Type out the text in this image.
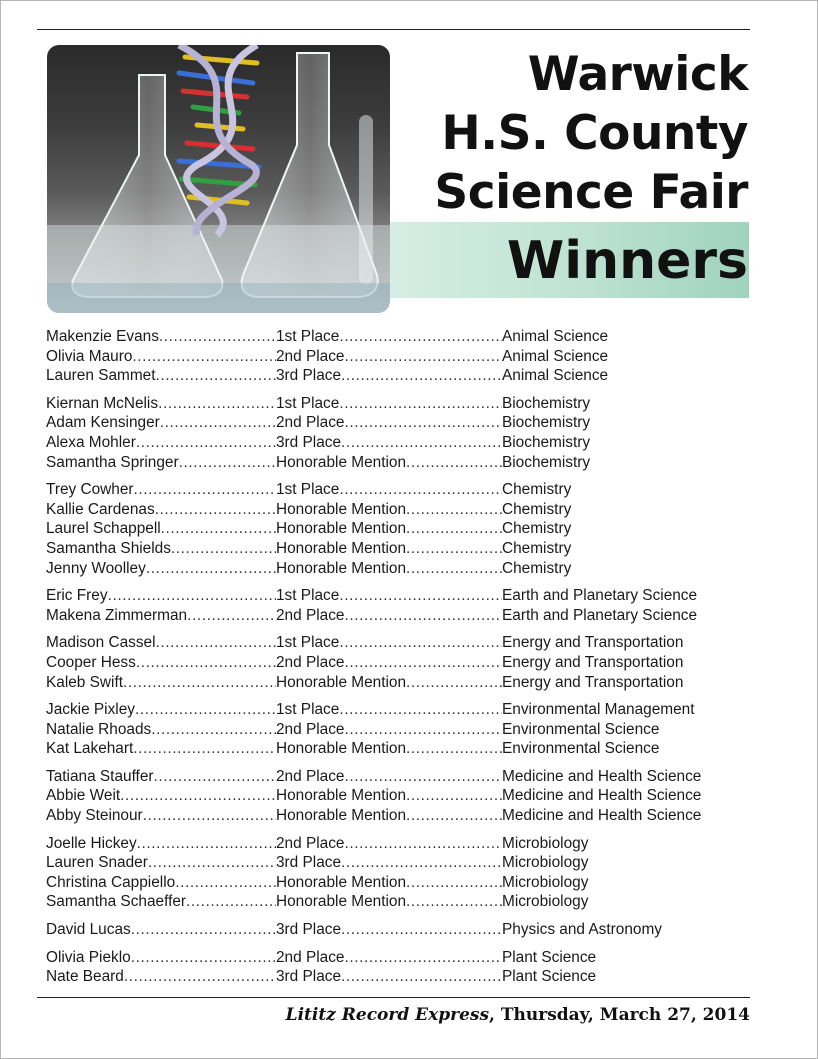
Warwick
H.S. County
Science Fair
Winners
Makenzie Evans .....	1st Place .....	Animal Science
Olivia Mauro .....	2nd Place .....	Animal Science
Lauren Sammet .....	3rd Place .....	Animal Science
Kiernan McNelis .....	1st Place .....	Biochemistry
Adam Kensinger .....	2nd Place .....	Biochemistry
Alexa Mohler .....	3rd Place .....	Biochemistry
Samantha Springer .....	Honorable Mention .....	Biochemistry
Trey Cowher .....	1st Place .....	Chemistry
Kallie Cardenas .....	Honorable Mention .....	Chemistry
Laurel Schappell .....	Honorable Mention .....	Chemistry
Samantha Shields .....	Honorable Mention .....	Chemistry
Jenny Woolley .....	Honorable Mention .....	Chemistry
Eric Frey .....	1st Place .....	Earth and Planetary Science
Makena Zimmerman .....	2nd Place .....	Earth and Planetary Science
Madison Cassel .....	1st Place .....	Energy and Transportation
Cooper Hess .....	2nd Place .....	Energy and Transportation
Kaleb Swift .....	Honorable Mention .....	Energy and Transportation
Jackie Pixley .....	1st Place .....	Environmental Management
Natalie Rhoads .....	2nd Place .....	Environmental Science
Kat Lakehart .....	Honorable Mention .....	Environmental Science
Tatiana Stauffer .....	2nd Place .....	Medicine and Health Science
Abbie Weit .....	Honorable Mention .....	Medicine and Health Science
Abby Steinour .....	Honorable Mention .....	Medicine and Health Science
Joelle Hickey .....	2nd Place .....	Microbiology
Lauren Snader .....	3rd Place .....	Microbiology
Christina Cappiello .....	Honorable Mention .....	Microbiology
Samantha Schaeffer .....	Honorable Mention .....	Microbiology
David Lucas .....	3rd Place .....	Physics and Astronomy
Olivia Pieklo .....	2nd Place .....	Plant Science
Nate Beard .....	3rd Place .....	Plant Science
Lititz Record Express, Thursday, March 27, 2014
